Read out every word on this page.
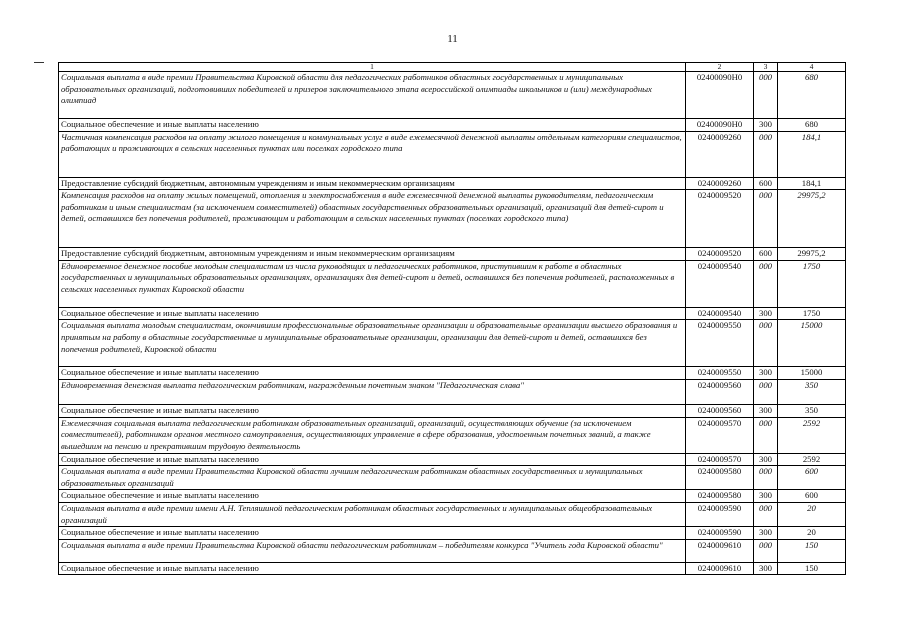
11
1	2	3	4
Социальная выплата в виде премии Правительства Кировской области для педагогических работников областных государственных и муниципальных образовательных организаций, подготовивших победителей и призеров заключительного этапа всероссийской олимпиады школьников и (или) международных олимпиад	02400090Н0	000	680
Социальное обеспечение и иные выплаты населению	02400090Н0	300	680
Частичная компенсация расходов на оплату жилого помещения и коммунальных услуг в виде ежемесячной денежной выплаты отдельным категориям специалистов, работающих и проживающих в сельских населенных пунктах или поселках городского типа	0240009260	000	184,1
Предоставление субсидий бюджетным, автономным учреждениям и иным некоммерческим организациям	0240009260	600	184,1
Компенсация расходов на оплату жилых помещений, отопления и электроснабжения в виде ежемесячной денежной выплаты руководителям, педагогическим работникам и иным специалистам (за исключением совместителей) областных государственных образовательных организаций, организаций для детей-сирот и детей, оставшихся без попечения родителей, проживающим и работающим в сельских населенных пунктах (поселках городского типа)	0240009520	000	29975,2
Предоставление субсидий бюджетным, автономным учреждениям и иным некоммерческим организациям	0240009520	600	29975,2
Единовременное денежное пособие молодым специалистам из числа руководящих и педагогических работников, приступившим к работе в областных государственных и муниципальных образовательных организациях, организациях для детей-сирот и детей, оставшихся без попечения родителей, расположенных в сельских населенных пунктах Кировской области	0240009540	000	1750
Социальное обеспечение и иные выплаты населению	0240009540	300	1750
Социальная выплата молодым специалистам, окончившим профессиональные образовательные организации и образовательные организации высшего образования и принятым на работу в областные государственные и муниципальные образовательные организации, организации для детей-сирот и детей, оставшихся без попечения родителей, Кировской области	0240009550	000	15000
Социальное обеспечение и иные выплаты населению	0240009550	300	15000
Единовременная денежная выплата педагогическим работникам, награжденным почетным знаком "Педагогическая слава"	0240009560	000	350
Социальное обеспечение и иные выплаты населению	0240009560	300	350
Ежемесячная социальная выплата педагогическим работникам образовательных организаций, организаций, осуществляющих обучение (за исключением совместителей), работникам органов местного самоуправления, осуществляющих управление в сфере образования, удостоенным почетных званий, а также вышедшим на пенсию и прекратившим трудовую деятельность	0240009570	000	2592
Социальное обеспечение и иные выплаты населению	0240009570	300	2592
Социальная выплата в виде премии Правительства Кировской области лучшим педагогическим работникам областных государственных и муниципальных образовательных организаций	0240009580	000	600
Социальное обеспечение и иные выплаты населению	0240009580	300	600
Социальная выплата в виде премии имени А.Н. Тепляшиной педагогическим работникам областных государственных и муниципальных общеобразовательных организаций	0240009590	000	20
Социальное обеспечение и иные выплаты населению	0240009590	300	20
Социальная выплата в виде премии Правительства Кировской области педагогическим работникам – победителям конкурса "Учитель года Кировской области"	0240009610	000	150
Социальное обеспечение и иные выплаты населению	0240009610	300	150
